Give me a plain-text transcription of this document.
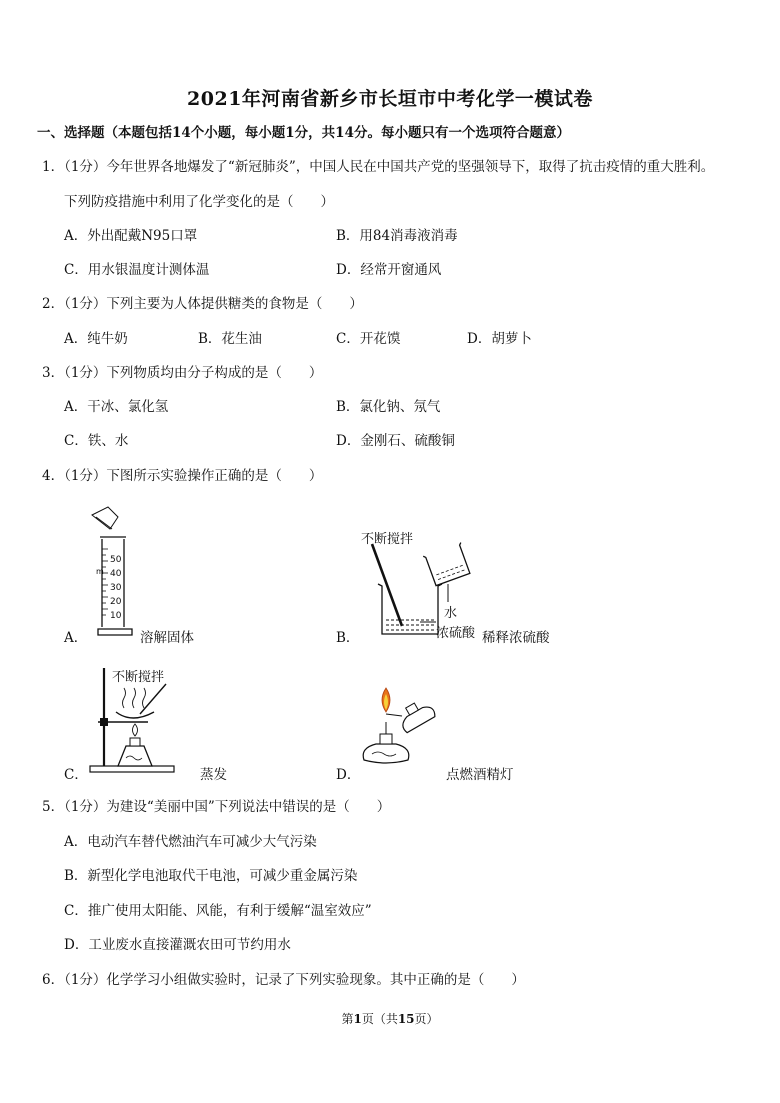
2021年河南省新乡市长垣市中考化学一模试卷
一、选择题（本题包括14个小题，每小题1分，共14分。每小题只有一个选项符合题意）
1．（1分）今年世界各地爆发了“新冠肺炎”，中国人民在中国共产党的坚强领导下，取得了抗击疫情的重大胜利。
下列防疫措施中利用了化学变化的是（　　）
A．外出配戴N95口罩	B．用84消毒液消毒
C．用水银温度计测体温	D．经常开窗通风
2．（1分）下列主要为人体提供糖类的食物是（　　）
A．纯牛奶	B．花生油	C．开花馍	D．胡萝卜
3．（1分）下列物质均由分子构成的是（　　）
A．干冰、氯化氢	B．氯化钠、氖气
C．铁、水	D．金刚石、硫酸铜
4．（1分）下图所示实验操作正确的是（　　）
50
40
30
20
10
m
A．	溶解固体
不断搅拌
水
浓硫酸
B．	稀释浓硫酸
不断搅拌
C．	蒸发	D．	点燃酒精灯
5．（1分）为建设“美丽中国”下列说法中错误的是（　　）
A．电动汽车替代燃油汽车可减少大气污染
B．新型化学电池取代干电池，可减少重金属污染
C．推广使用太阳能、风能，有利于缓解“温室效应”
D．工业废水直接灌溉农田可节约用水
6．（1分）化学学习小组做实验时，记录了下列实验现象。其中正确的是（　　）
第1页（共15页）
